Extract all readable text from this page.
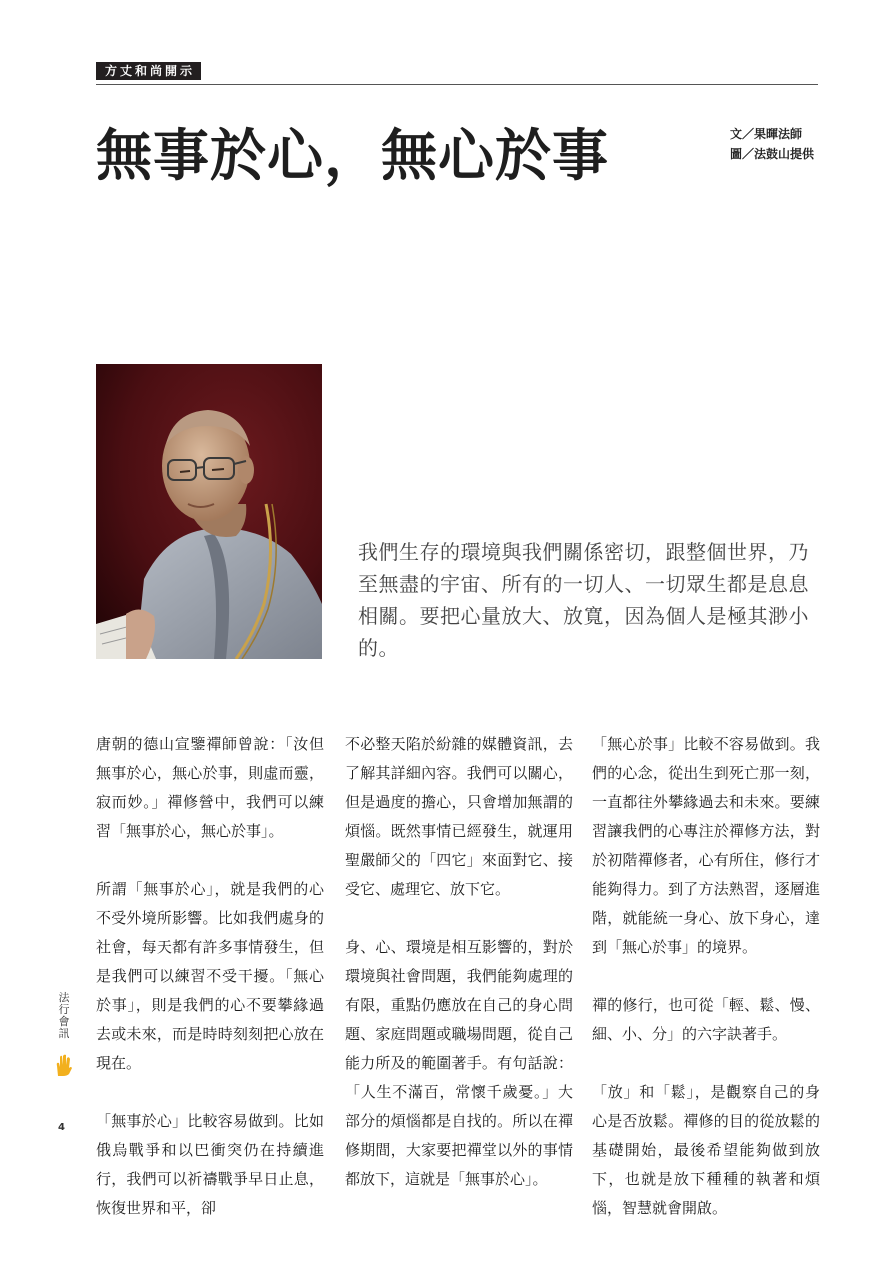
方丈和尚開示
無事於心，無心於事	文／果暉法師
圖／法鼓山提供
我們生存的環境與我們關係密切，跟整個世界，乃至無盡的宇宙、所有的一切人、一切眾生都是息息相關。要把心量放大、放寬，因為個人是極其渺小的。

唐朝的德山宣鑒禪師曾說：「汝但無事於心，無心於事，則虛而靈，寂而妙。」禪修營中，我們可以練習「無事於心，無心於事」。

所謂「無事於心」，就是我們的心不受外境所影響。比如我們處身的社會，每天都有許多事情發生，但是我們可以練習不受干擾。「無心於事」，則是我們的心不要攀緣過去或未來，而是時時刻刻把心放在現在。

「無事於心」比較容易做到。比如俄烏戰爭和以巴衝突仍在持續進行，我們可以祈禱戰爭早日止息，恢復世界和平，卻

不必整天陷於紛雜的媒體資訊，去了解其詳細內容。我們可以關心，但是過度的擔心，只會增加無謂的煩惱。既然事情已經發生，就運用聖嚴師父的「四它」來面對它、接受它、處理它、放下它。

身、心、環境是相互影響的，對於環境與社會問題，我們能夠處理的有限，重點仍應放在自己的身心問題、家庭問題或職場問題，從自己能力所及的範圍著手。有句話說：「人生不滿百，常懷千歲憂。」大部分的煩惱都是自找的。所以在禪修期間，大家要把禪堂以外的事情都放下，這就是「無事於心」。

「無心於事」比較不容易做到。我們的心念，從出生到死亡那一刻，一直都往外攀緣過去和未來。要練習讓我們的心專注於禪修方法，對於初階禪修者，心有所住，修行才能夠得力。到了方法熟習，逐層進階，就能統一身心、放下身心，達到「無心於事」的境界。

禪的修行，也可從「輕、鬆、慢、細、小、分」的六字訣著手。

「放」和「鬆」，是觀察自己的身心是否放鬆。禪修的目的從放鬆的基礎開始，最後希望能夠做到放下，也就是放下種種的執著和煩惱，智慧就會開啟。

法行會訊
4
